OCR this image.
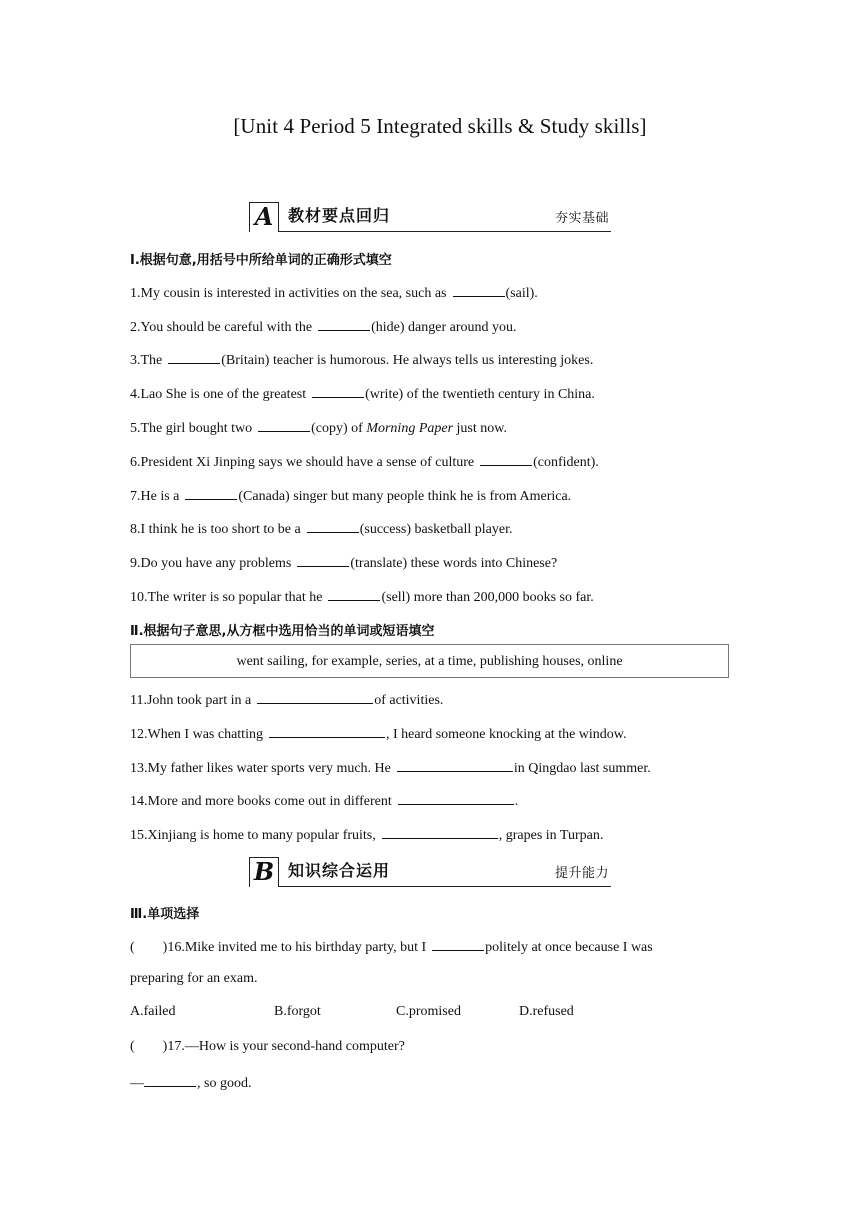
[Unit 4 Period 5 Integrated skills & Study skills]
A 教材要点回归	夯实基础
Ⅰ.根据句意,用括号中所给单词的正确形式填空
1.My cousin is interested in activities on the sea, such as	(sail).
2.You should be careful with the	(hide) danger around you.
3.The	(Britain) teacher is humorous. He always tells us interesting jokes.
4.Lao She is one of the greatest	(write) of the twentieth century in China.
5.The girl bought two	(copy) of Morning Paper just now.
6.President Xi Jinping says we should have a sense of culture	(confident).
7.He is a	(Canada) singer but many people think he is from America.
8.I think he is too short to be a	(success) basketball player.
9.Do you have any problems	(translate) these words into Chinese?
10.The writer is so popular that he	(sell) more than 200,000 books so far.
Ⅱ.根据句子意思,从方框中选用恰当的单词或短语填空
went sailing, for example, series, at a time, publishing houses, online
11.John took part in a	of activities.
12.When I was chatting	, I heard someone knocking at the window.
13.My father likes water sports very much. He	in Qingdao last summer.
14.More and more books come out in different	.
15.Xinjiang is home to many popular fruits,	, grapes in Turpan.
B 知识综合运用	提升能力
Ⅲ.单项选择
(        )16.Mike invited me to his birthday party, but I	politely at once because I was
preparing for an exam.
A.failed	B.forgot	C.promised	D.refused
(        )17.—How is your second-hand computer?
—	, so good.
